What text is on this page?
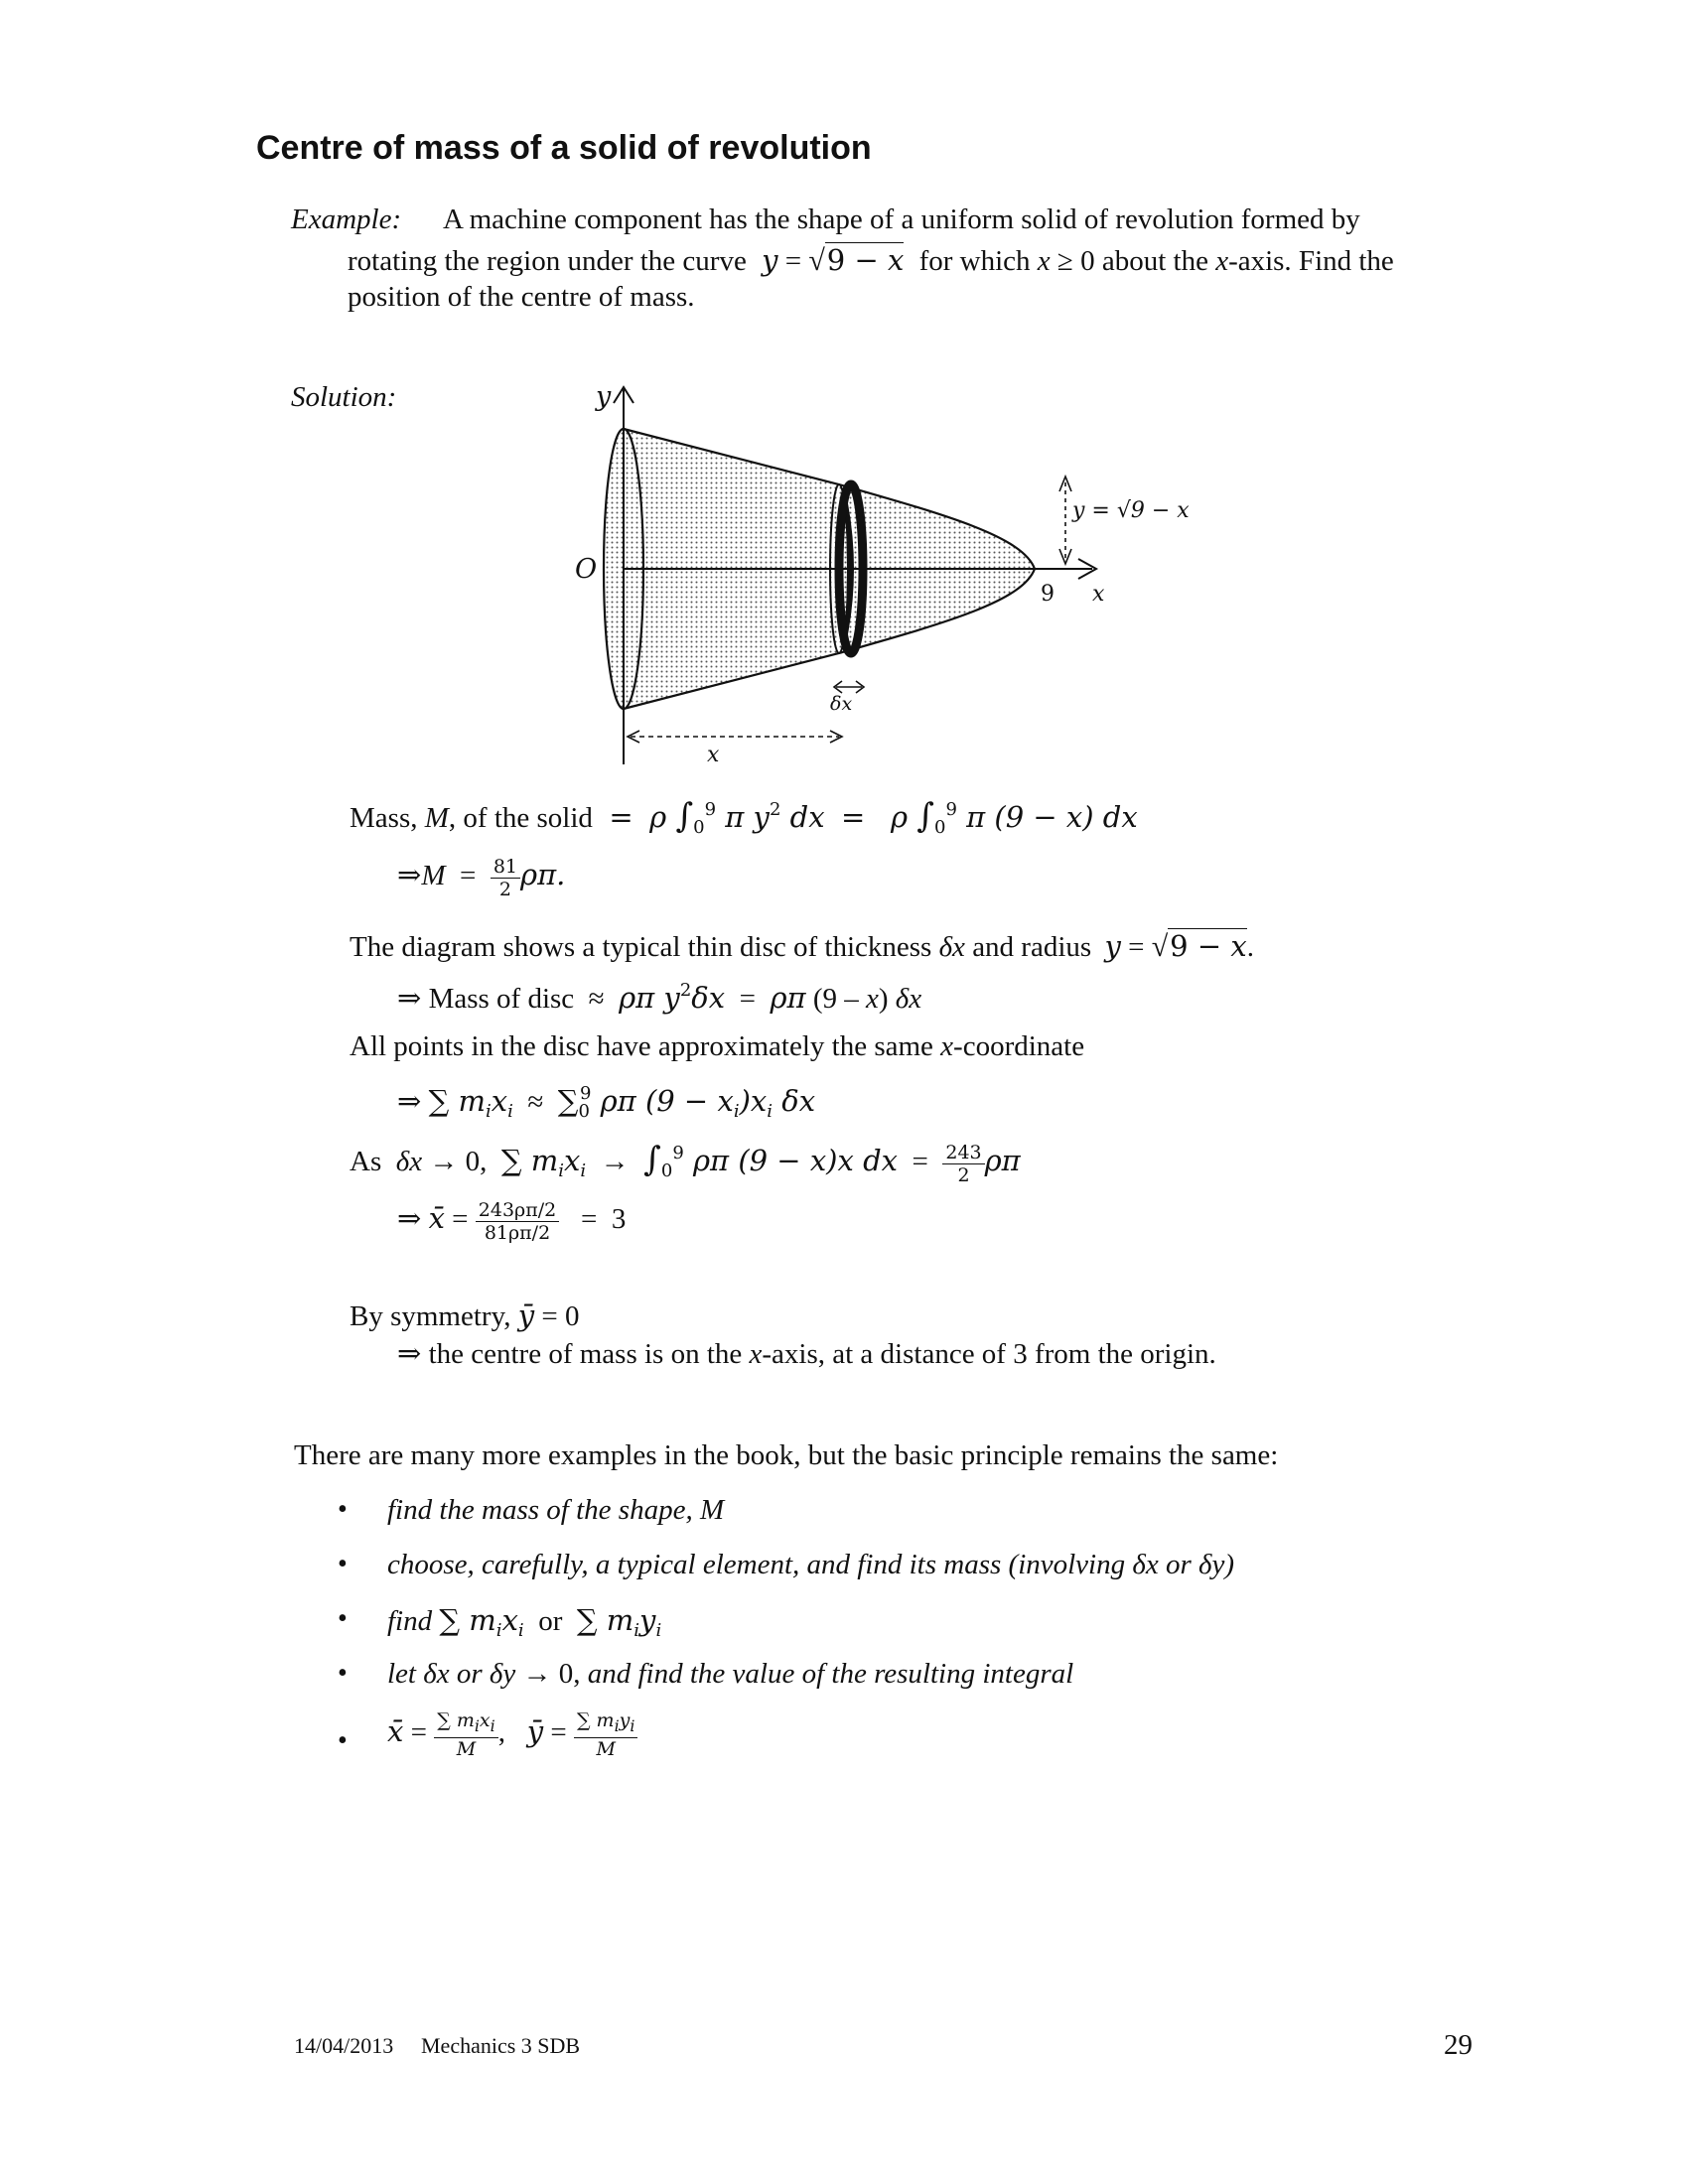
Centre of mass of a solid of revolution
Example: A machine component has the shape of a uniform solid of revolution formed by
rotating the region under the curve y = √9 − x for which x ≥ 0 about the x-axis. Find the
position of the centre of mass.
Solution:	y
O
9 x
y = √9 − x
δx
x
Mass, M, of the solid  =  ρ $\int_0^9$ π $y^2$ dx  =   ρ $\int_0^9$ π (9 − x) dx
⇒M  = $\frac{81}{2} \rho\pi$.
The diagram shows a typical thin disc of thickness δx and radius y = √9 − x.
⇒ Mass of disc  ≈  ρπ $y^2\delta x = \rho\pi$ (9 – x) δx
All points in the disc have approximately the same x-coordinate
⇒ ∑ $m_ix_i \approx \sum_0^9$ ρπ $(9 - x_i)x_i$ δx
As δx → 0,  ∑ $m_ix_i \to \int_0^9$ ρπ (9 − x)x dx  = $\frac{243}{2}$ ρπ
⇒ x̄ = $\frac{243\rho\pi/2}{81\rho\pi/2} = 3$
By symmetry, ȳ = 0
⇒ the centre of mass is on the x-axis, at a distance of 3 from the origin.
There are many more examples in the book, but the basic principle remains the same:
• find the mass of the shape, M
• choose, carefully, a typical element, and find its mass (involving δx or δy)
• find ∑ $m_ix_i$ or ∑ $m_iy_i$
• let δx or δy → 0, and find the value of the resulting integral
• x̄ = $\frac{\sum m_ix_i}{M}$ ,   ȳ = $\frac{\sum m_iy_i}{M}$
14/04/2013 Mechanics 3 SDB	29
